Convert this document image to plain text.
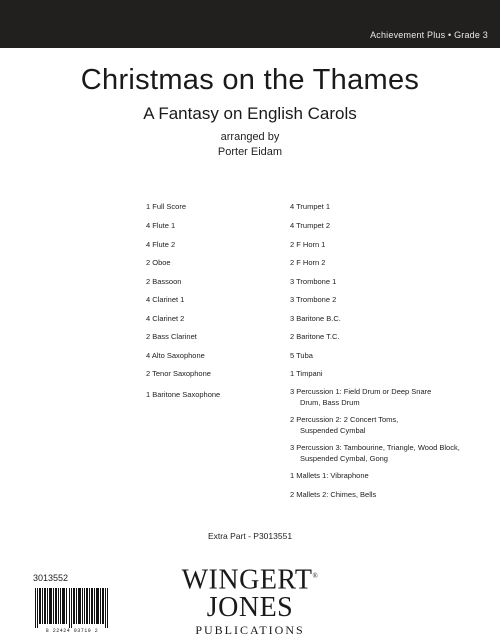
Achievement Plus • Grade 3
Christmas on the Thames
A Fantasy on English Carols
arranged by
Porter Eidam
1 Full Score
4 Flute 1
4 Flute 2
2 Oboe
2 Bassoon
4 Clarinet 1
4 Clarinet 2
2 Bass Clarinet
4 Alto Saxophone
2 Tenor Saxophone
1 Baritone Saxophone
4 Trumpet 1
4 Trumpet 2
2 F Horn 1
2 F Horn 2
3 Trombone 1
3 Trombone 2
3 Baritone B.C.
2 Baritone T.C.
5 Tuba
1 Timpani
3 Percussion 1: Field Drum or Deep Snare
Drum, Bass Drum
2 Percussion 2: 2 Concert Toms,
Suspended Cymbal
3 Percussion 3: Tambourine, Triangle, Wood Block,
Suspended Cymbal, Gong
1 Mallets 1: Vibraphone
2 Mallets 2: Chimes, Bells
Extra Part - P3013551
3013552
8 22424 03719 2
WINGERT®
JONES
PUBLICATIONS
